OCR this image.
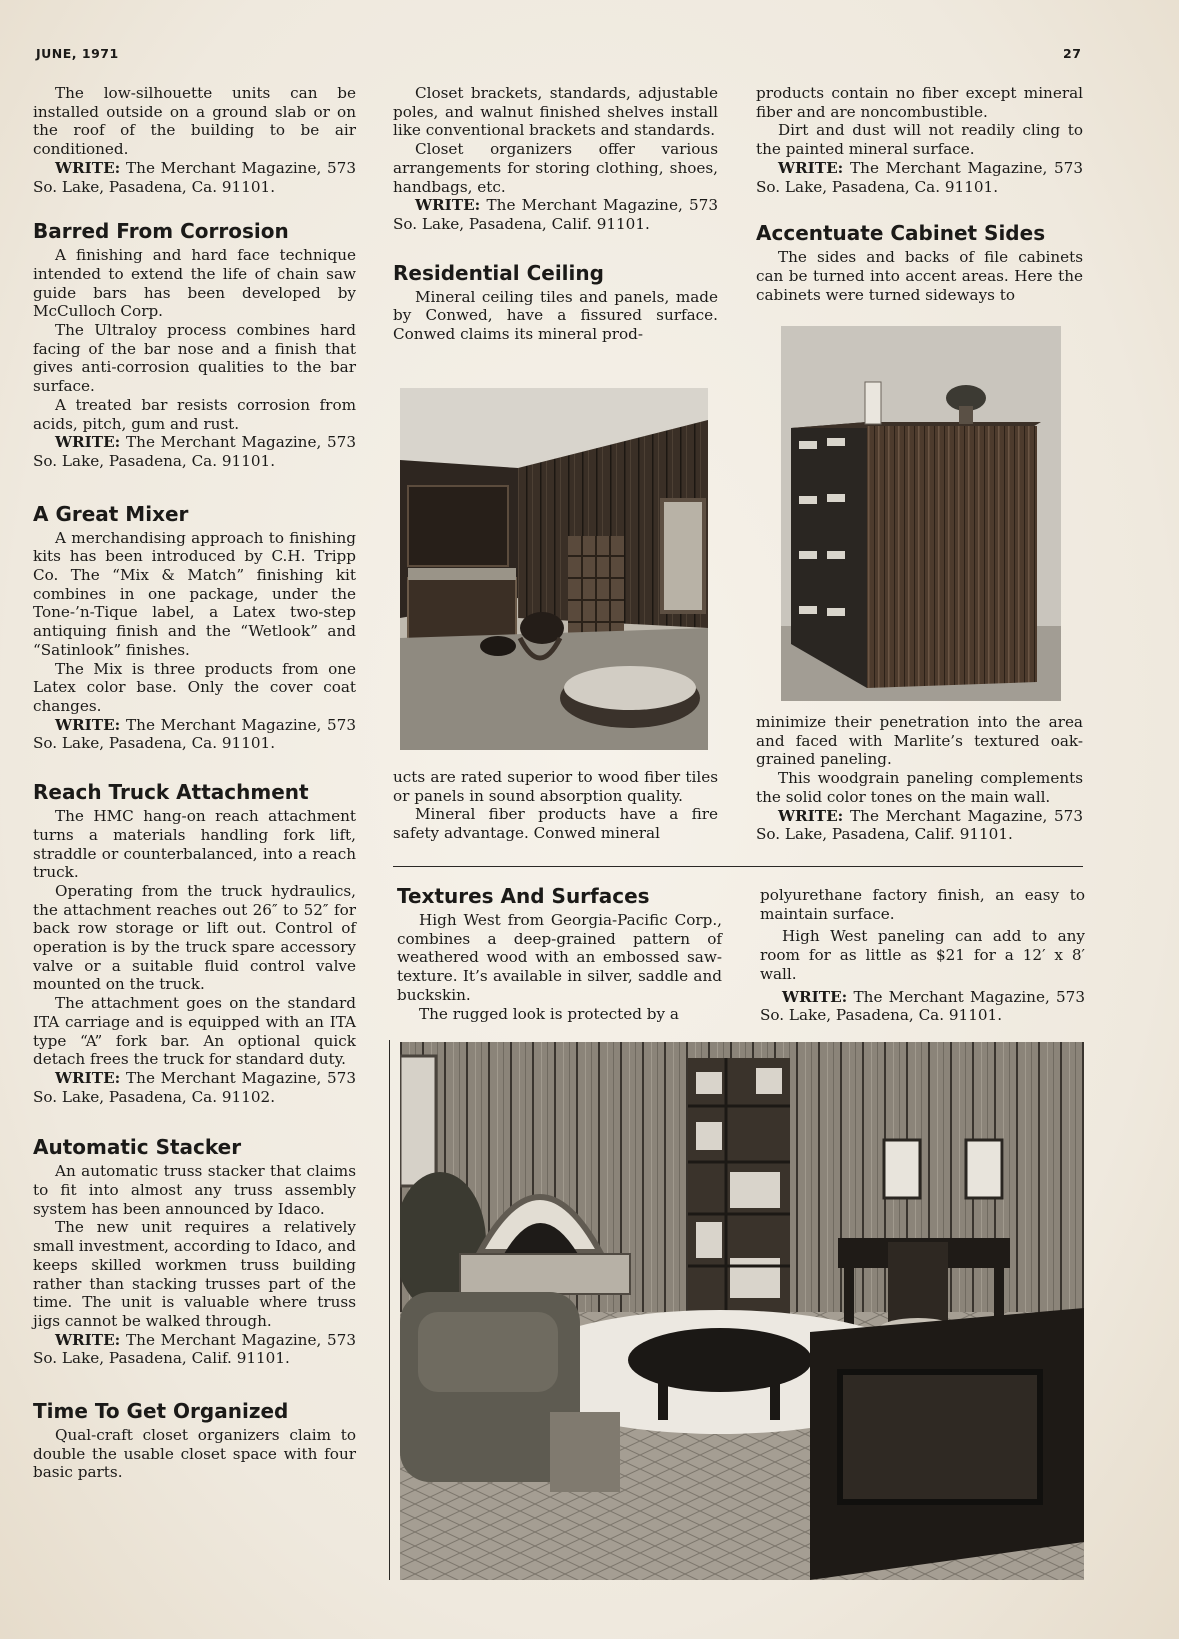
JUNE, 1971	27

The low-silhouette units can be installed outside on a ground slab or on the roof of the building to be air conditioned.

WRITE: The Merchant Magazine, 573 So. Lake, Pasadena, Ca. 91101.

Barred From Corrosion

A finishing and hard face technique intended to extend the life of chain saw guide bars has been developed by McCulloch Corp.

The Ultraloy process combines hard facing of the bar nose and a finish that gives anti-corrosion qualities to the bar surface.

A treated bar resists corrosion from acids, pitch, gum and rust.

WRITE: The Merchant Magazine, 573 So. Lake, Pasadena, Ca. 91101.

A Great Mixer

A merchandising approach to finishing kits has been introduced by C.H. Tripp Co. The “Mix & Match” finishing kit combines in one package, under the Tone-’n-Tique label, a Latex two-step antiquing finish and the “Wetlook” and “Satinlook” finishes.

The Mix is three products from one Latex color base. Only the cover coat changes.

WRITE: The Merchant Magazine, 573 So. Lake, Pasadena, Ca. 91101.

Reach Truck Attachment

The HMC hang-on reach attachment turns a materials handling fork lift, straddle or counterbalanced, into a reach truck.

Operating from the truck hydraulics, the attachment reaches out 26″ to 52″ for back row storage or lift out. Control of operation is by the truck spare accessory valve or a suitable fluid control valve mounted on the truck.

The attachment goes on the standard ITA carriage and is equipped with an ITA type “A” fork bar. An optional quick detach frees the truck for standard duty.

WRITE: The Merchant Magazine, 573 So. Lake, Pasadena, Ca. 91102.

Automatic Stacker

An automatic truss stacker that claims to fit into almost any truss assembly system has been announced by Idaco.

The new unit requires a relatively small investment, according to Idaco, and keeps skilled workmen truss building rather than stacking trusses part of the time. The unit is valuable where truss jigs cannot be walked through.

WRITE: The Merchant Magazine, 573 So. Lake, Pasadena, Calif. 91101.

Time To Get Organized

Qual-craft closet organizers claim to double the usable closet space with four basic parts.

Closet brackets, standards, adjustable poles, and walnut finished shelves install like conventional brackets and standards.

Closet organizers offer various arrangements for storing clothing, shoes, handbags, etc.

WRITE: The Merchant Magazine, 573 So. Lake, Pasadena, Calif. 91101.

Residential Ceiling

Mineral ceiling tiles and panels, made by Conwed, have a fissured surface. Conwed claims its mineral prod-

ucts are rated superior to wood fiber tiles or panels in sound absorption quality.

Mineral fiber products have a fire safety advantage. Conwed mineral

Textures And Surfaces

High West from Georgia-Pacific Corp., combines a deep-grained pattern of weathered wood with an embossed saw-texture. It’s available in silver, saddle and buckskin.

The rugged look is protected by a

products contain no fiber except mineral fiber and are noncombustible.

Dirt and dust will not readily cling to the painted mineral surface.

WRITE: The Merchant Magazine, 573 So. Lake, Pasadena, Ca. 91101.

Accentuate Cabinet Sides

The sides and backs of file cabinets can be turned into accent areas. Here the cabinets were turned sideways to

minimize their penetration into the area and faced with Marlite’s textured oak-grained paneling.

This woodgrain paneling complements the solid color tones on the main wall.

WRITE: The Merchant Magazine, 573 So. Lake, Pasadena, Calif. 91101.

polyurethane factory finish, an easy to maintain surface.

High West paneling can add to any room for as little as $21 for a 12′ x 8′ wall.

WRITE: The Merchant Magazine, 573 So. Lake, Pasadena, Ca. 91101.
